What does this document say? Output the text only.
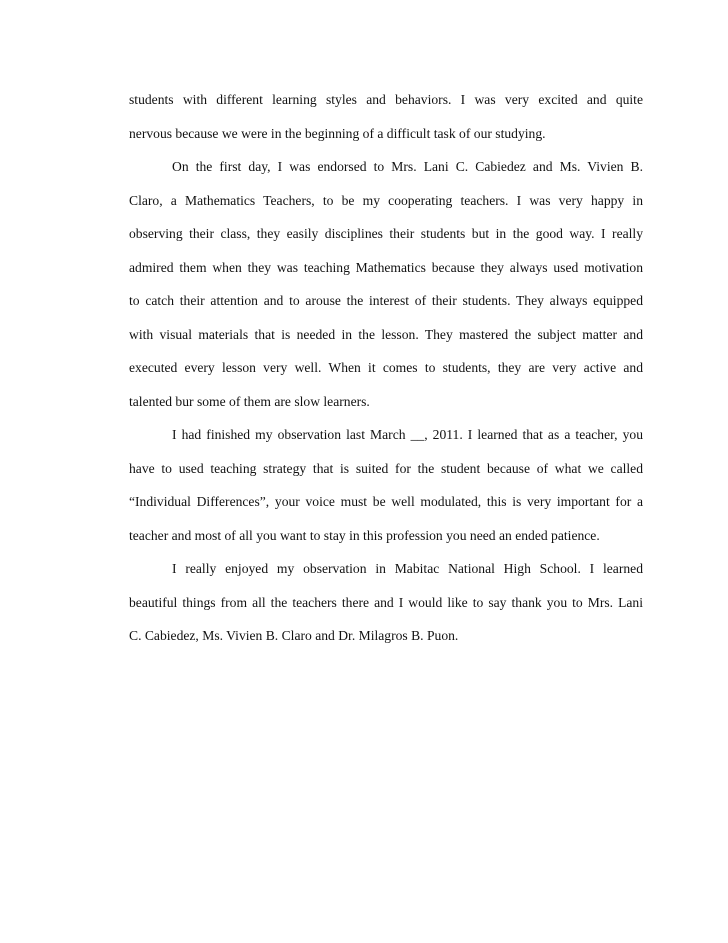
students with different learning styles and behaviors. I was very excited and quite
nervous because we were in the beginning of a difficult task of our studying.
On the first day, I was endorsed to Mrs. Lani C. Cabiedez and Ms. Vivien B.
Claro, a Mathematics Teachers, to be my cooperating teachers. I was very happy in
observing their class, they easily disciplines their students but in the good way. I really
admired them when they was teaching Mathematics because they always used motivation
to catch their attention and to arouse the interest of their students. They always equipped
with visual materials that is needed in the lesson. They mastered the subject matter and
executed every lesson very well. When it comes to students, they are very active and
talented bur some of them are slow learners.
I had finished my observation last March __, 2011. I learned that as a teacher, you
have to used teaching strategy that is suited for the student because of what we called
“Individual Differences”, your voice must be well modulated, this is very important for a
teacher and most of all you want to stay in this profession you need an ended patience.
I really enjoyed my observation in Mabitac National High School. I learned
beautiful things from all the teachers there and I would like to say thank you to Mrs. Lani
C. Cabiedez, Ms. Vivien B. Claro and Dr. Milagros B. Puon.
